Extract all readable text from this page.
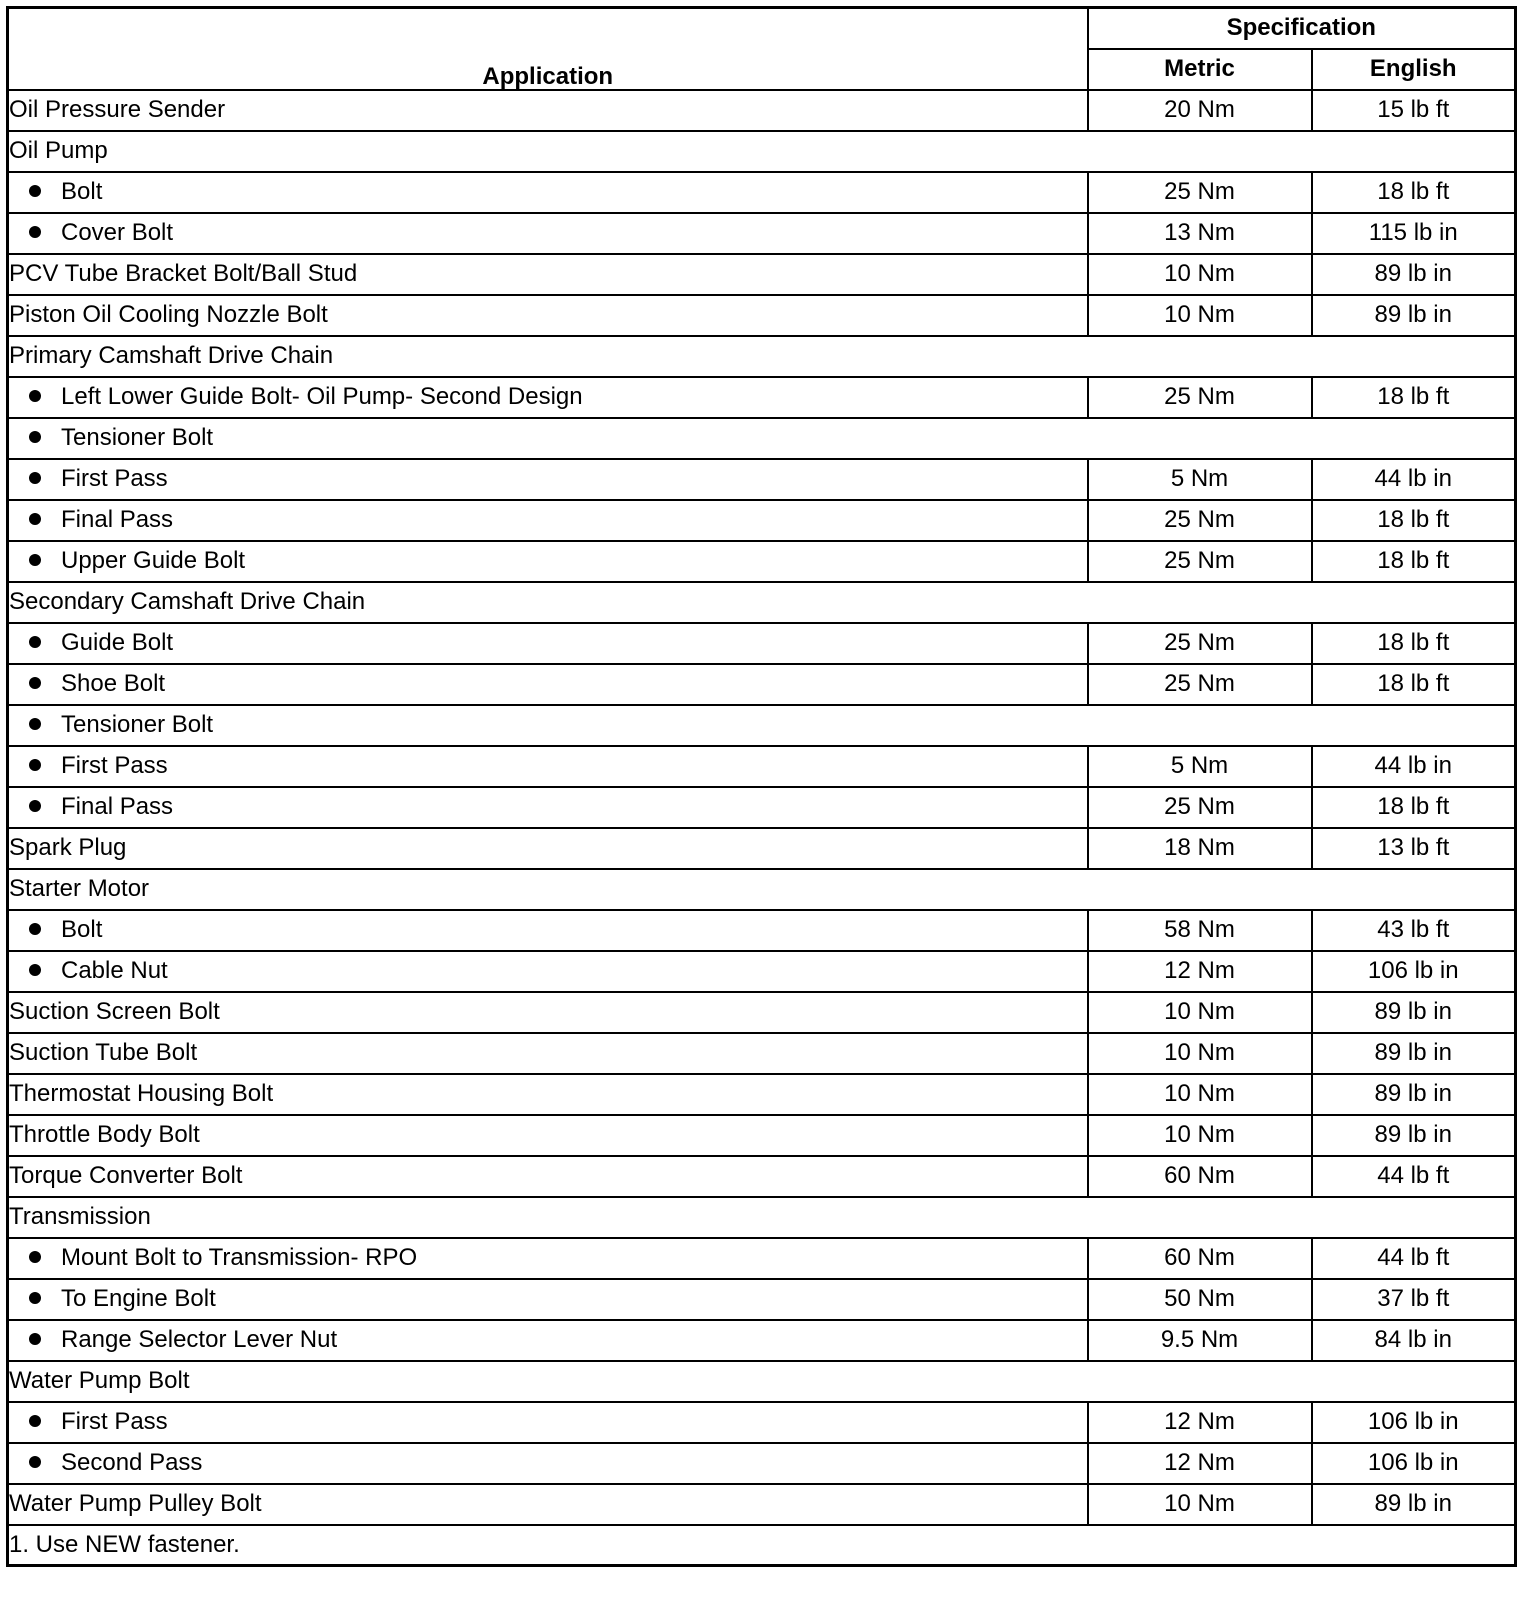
Application	Specification	
	Metric	English
Oil Pressure Sender	20 Nm	15 lb ft
Oil Pump		
Bolt	25 Nm	18 lb ft
Cover Bolt	13 Nm	115 lb in
PCV Tube Bracket Bolt/Ball Stud	10 Nm	89 lb in
Piston Oil Cooling Nozzle Bolt	10 Nm	89 lb in
Primary Camshaft Drive Chain		
Left Lower Guide Bolt- Oil Pump- Second Design	25 Nm	18 lb ft
Tensioner Bolt		
First Pass	5 Nm	44 lb in
Final Pass	25 Nm	18 lb ft
Upper Guide Bolt	25 Nm	18 lb ft
Secondary Camshaft Drive Chain		
Guide Bolt	25 Nm	18 lb ft
Shoe Bolt	25 Nm	18 lb ft
Tensioner Bolt		
First Pass	5 Nm	44 lb in
Final Pass	25 Nm	18 lb ft
Spark Plug	18 Nm	13 lb ft
Starter Motor		
Bolt	58 Nm	43 lb ft
Cable Nut	12 Nm	106 lb in
Suction Screen Bolt	10 Nm	89 lb in
Suction Tube Bolt	10 Nm	89 lb in
Thermostat Housing Bolt	10 Nm	89 lb in
Throttle Body Bolt	10 Nm	89 lb in
Torque Converter Bolt	60 Nm	44 lb ft
Transmission		
Mount Bolt to Transmission- RPO	60 Nm	44 lb ft
To Engine Bolt	50 Nm	37 lb ft
Range Selector Lever Nut	9.5 Nm	84 lb in
Water Pump Bolt		
First Pass	12 Nm	106 lb in
Second Pass	12 Nm	106 lb in
Water Pump Pulley Bolt	10 Nm	89 lb in
1. Use NEW fastener.		
